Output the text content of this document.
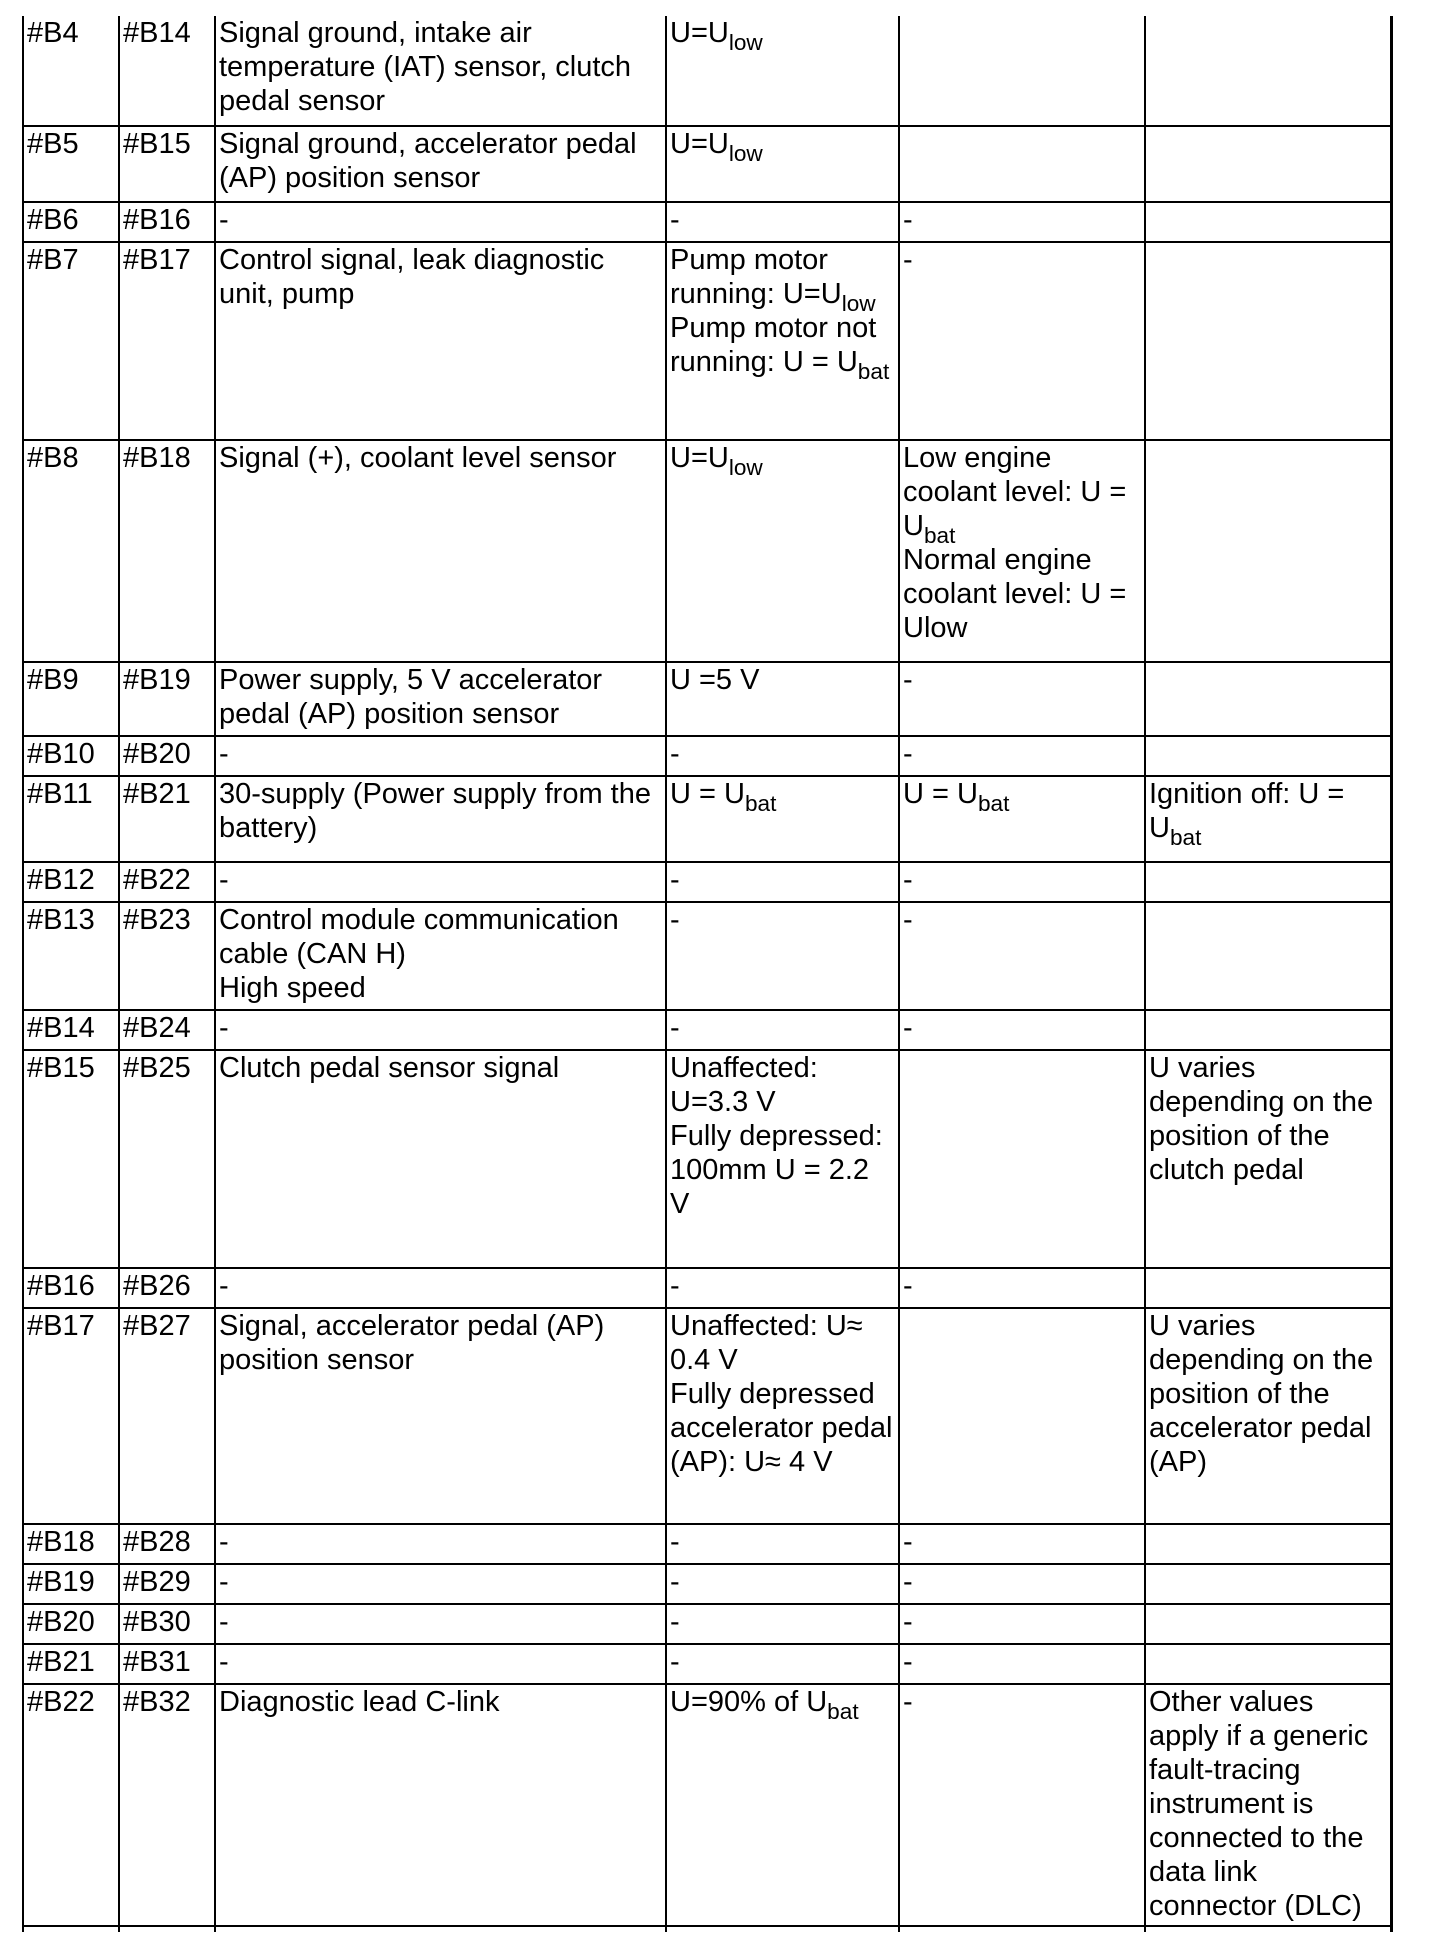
#B4	#B14	Signal ground, intake air temperature (IAT) sensor, clutch pedal sensor	$U=U_{low}$

#B5	#B15	Signal ground, accelerator pedal (AP) position sensor	$U=U_{low}$

#B6	#B16	-	-	-	

#B7	#B17	Control signal, leak diagnostic unit, pump	Pump motor running: $U=U_{low}$
Pump motor not running: $U = U_{bat}$	-	

#B8	#B18	Signal (+), coolant level sensor	$U=U_{low}$	Low engine coolant level: $U = U_{bat}$
Normal engine coolant level: U = Ulow	

#B9	#B19	Power supply, 5 V accelerator pedal (AP) position sensor	U =5 V	-	

#B10	#B20	-	-	-	

#B11	#B21	30-supply (Power supply from the battery)	$U = U_{bat}$	$U = U_{bat}$	Ignition off: $U = U_{bat}$

#B12	#B22	-	-	-	

#B13	#B23	Control module communication cable (CAN H)
High speed	-	-	

#B14	#B24	-	-	-	

#B15	#B25	Clutch pedal sensor signal	Unaffected: U=3.3 V
Fully depressed: 100mm U = 2.2 V		U varies depending on the position of the clutch pedal

#B16	#B26	-	-	-	

#B17	#B27	Signal, accelerator pedal (AP) position sensor	Unaffected: U≈ 0.4 V
Fully depressed accelerator pedal (AP): U≈ 4 V		U varies depending on the position of the accelerator pedal (AP)

#B18	#B28	-	-	-	

#B19	#B29	-	-	-	

#B20	#B30	-	-	-	

#B21	#B31	-	-	-	

#B22	#B32	Diagnostic lead C-link	U=90% of $U_{bat}$	-	Other values apply if a generic fault-tracing instrument is connected to the data link connector (DLC)
